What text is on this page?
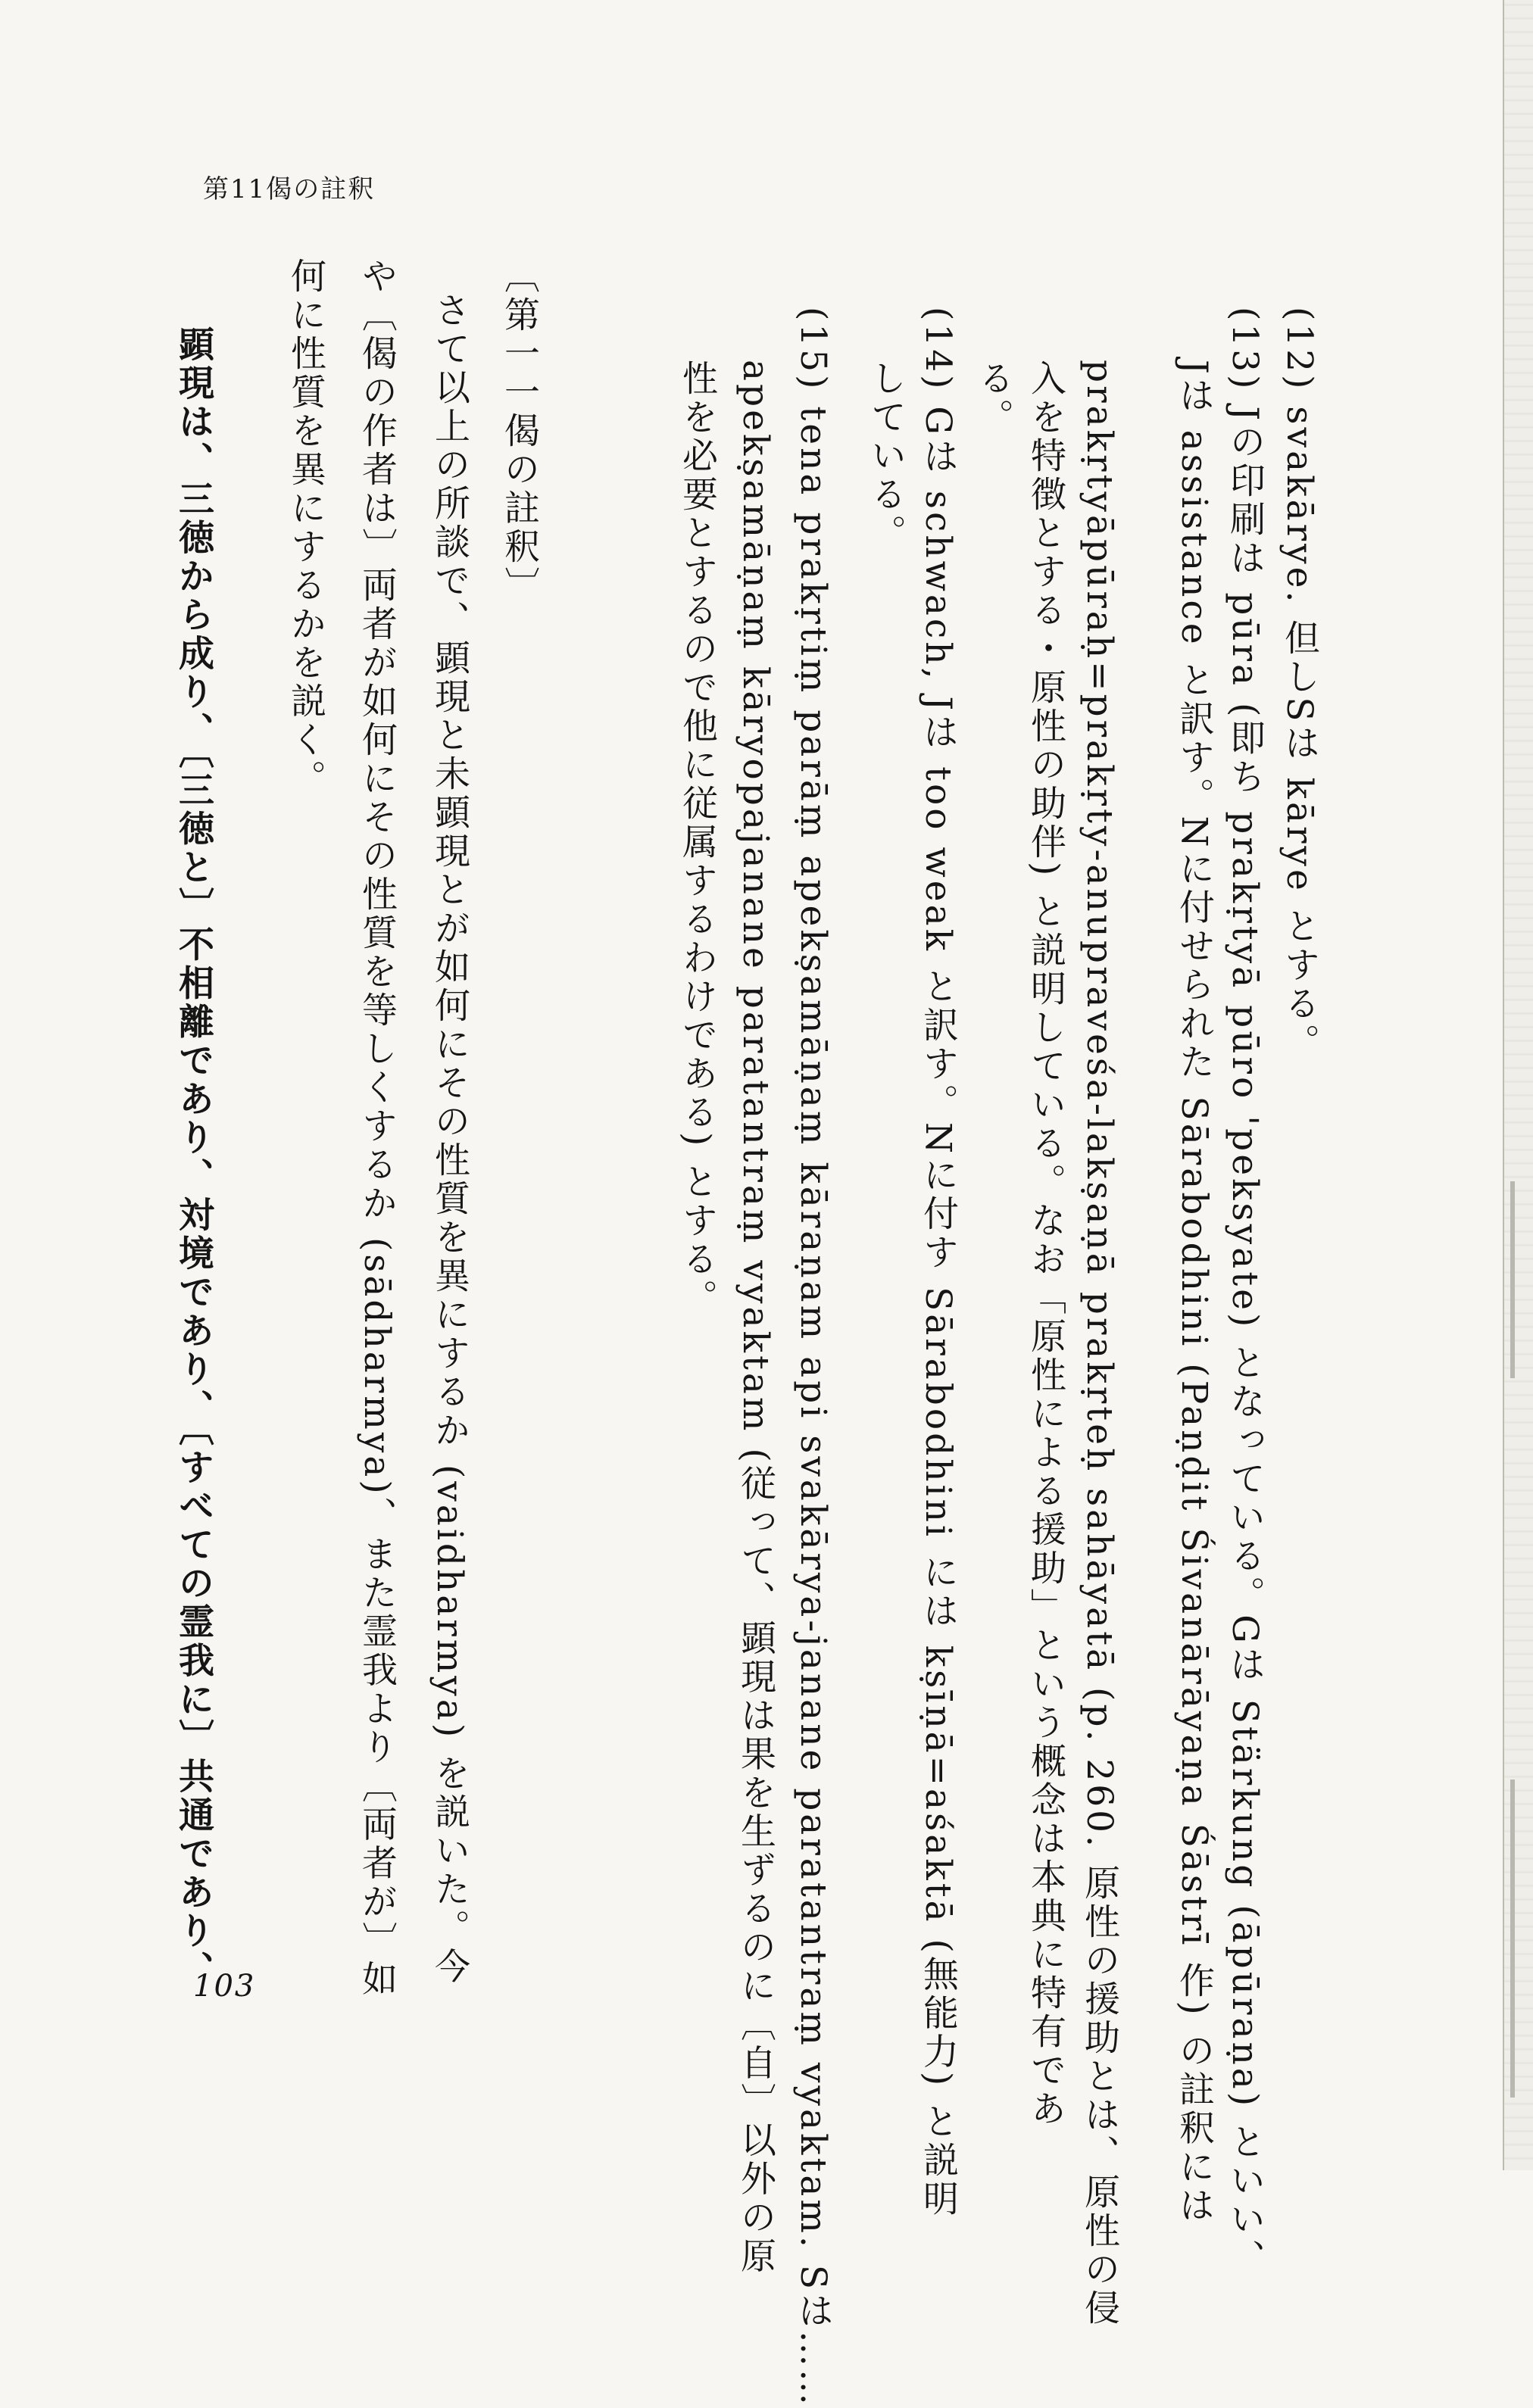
第11偈の註釈
(12) svakārye. 但しSは kārye とする。
(13) Jの印刷は pūra (即ち prakṛtyā pūro 'peksyate) となっている。Gは Stärkung (āpūraṇa) といい、
Jは assistance と訳す。Nに付せられた Sārabodhini (Paṇḍit Śivanārāyaṇa Śāstrī 作) の註釈には
prakṛtyāpūraḥ=prakṛty-anupraveśa-lakṣaṇā prakṛteḥ sahāyatā (p. 260. 原性の援助とは、原性の侵
入を特徴とする・原性の助伴) と説明している。なお「原性による援助」という概念は本典に特有であ
る。
(14) Gは schwach, Jは too weak と訳す。Nに付す Sārabodhini には kṣīṇā=aśaktā (無能力) と説明
している。
(15) tena prakṛtiṃ parāṃ apekṣamāṇaṃ kāraṇam api svakārya-janane paratantraṃ vyaktam. Sは……
apekṣamāṇaṃ kāryopajanane paratantraṃ vyaktam (従って、顕現は果を生ずるのに〔自〕以外の原
性を必要とするので他に従属するわけである) とする。
〔第一一偈の註釈〕
さて以上の所談で、顕現と未顕現とが如何にその性質を異にするか (vaidharmya) を説いた。今
や〔偈の作者は〕両者が如何にその性質を等しくするか (sādharmya)、また霊我より〔両者が〕如
何に性質を異にするかを説く。
顕現は、三徳から成り、〔三徳と〕不相離であり、対境であり、〔すべての霊我に〕共通であり、
103
